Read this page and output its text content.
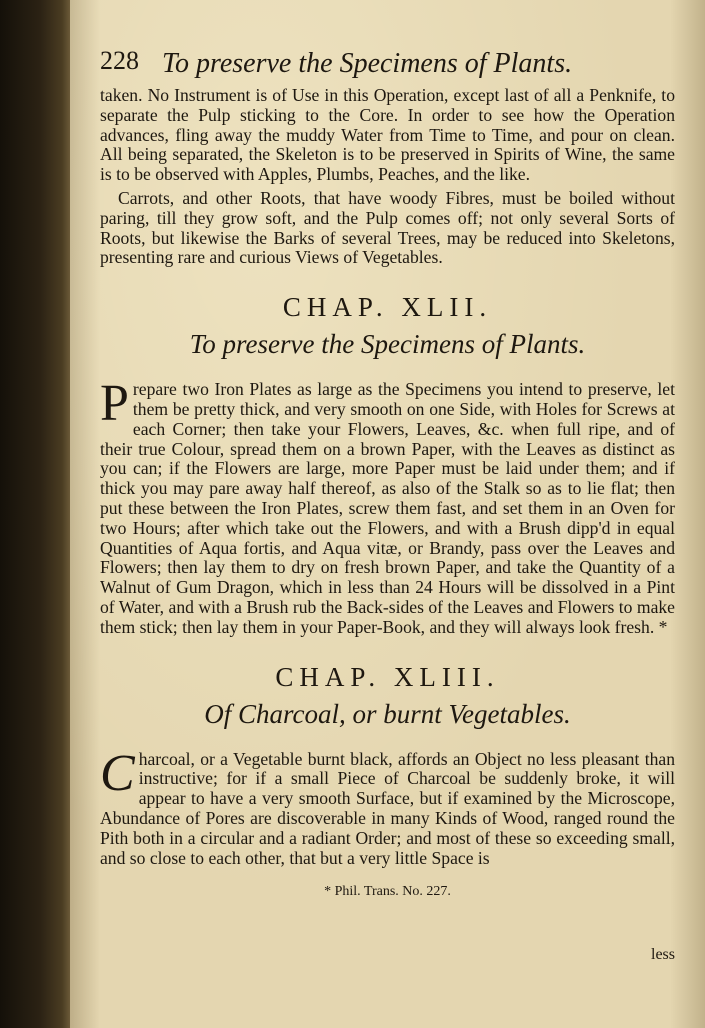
228 To preserve the Specimens of Plants.

taken. No Instrument is of Use in this Operation, except last of all a Penknife, to separate the Pulp sticking to the Core. In order to see how the Operation advances, fling away the muddy Water from Time to Time, and pour on clean. All being separated, the Skeleton is to be preserved in Spirits of Wine, the same is to be observed with Apples, Plumbs, Peaches, and the like.

Carrots, and other Roots, that have woody Fibres, must be boiled without paring, till they grow soft, and the Pulp comes off; not only several Sorts of Roots, but likewise the Barks of several Trees, may be reduced into Skeletons, presenting rare and curious Views of Vegetables.

CHAP. XLII.
To preserve the Specimens of Plants.

Prepare two Iron Plates as large as the Specimens you intend to preserve, let them be pretty thick, and very smooth on one Side, with Holes for Screws at each Corner; then take your Flowers, Leaves, &c. when full ripe, and of their true Colour, spread them on a brown Paper, with the Leaves as distinct as you can; if the Flowers are large, more Paper must be laid under them; and if thick you may pare away half thereof, as also of the Stalk so as to lie flat; then put these between the Iron Plates, screw them fast, and set them in an Oven for two Hours; after which take out the Flowers, and with a Brush dipp'd in equal Quantities of Aqua fortis, and Aqua vitæ, or Brandy, pass over the Leaves and Flowers; then lay them to dry on fresh brown Paper, and take the Quantity of a Walnut of Gum Dragon, which in less than 24 Hours will be dissolved in a Pint of Water, and with a Brush rub the Back-sides of the Leaves and Flowers to make them stick; then lay them in your Paper-Book, and they will always look fresh. *

CHAP. XLIII.
Of Charcoal, or burnt Vegetables.

Charcoal, or a Vegetable burnt black, affords an Object no less pleasant than instructive; for if a small Piece of Charcoal be suddenly broke, it will appear to have a very smooth Surface, but if examined by the Microscope, Abundance of Pores are discoverable in many Kinds of Wood, ranged round the Pith both in a circular and a radiant Order; and most of these so exceeding small, and so close to each other, that but a very little Space is

* Phil. Trans. No. 227.
less
